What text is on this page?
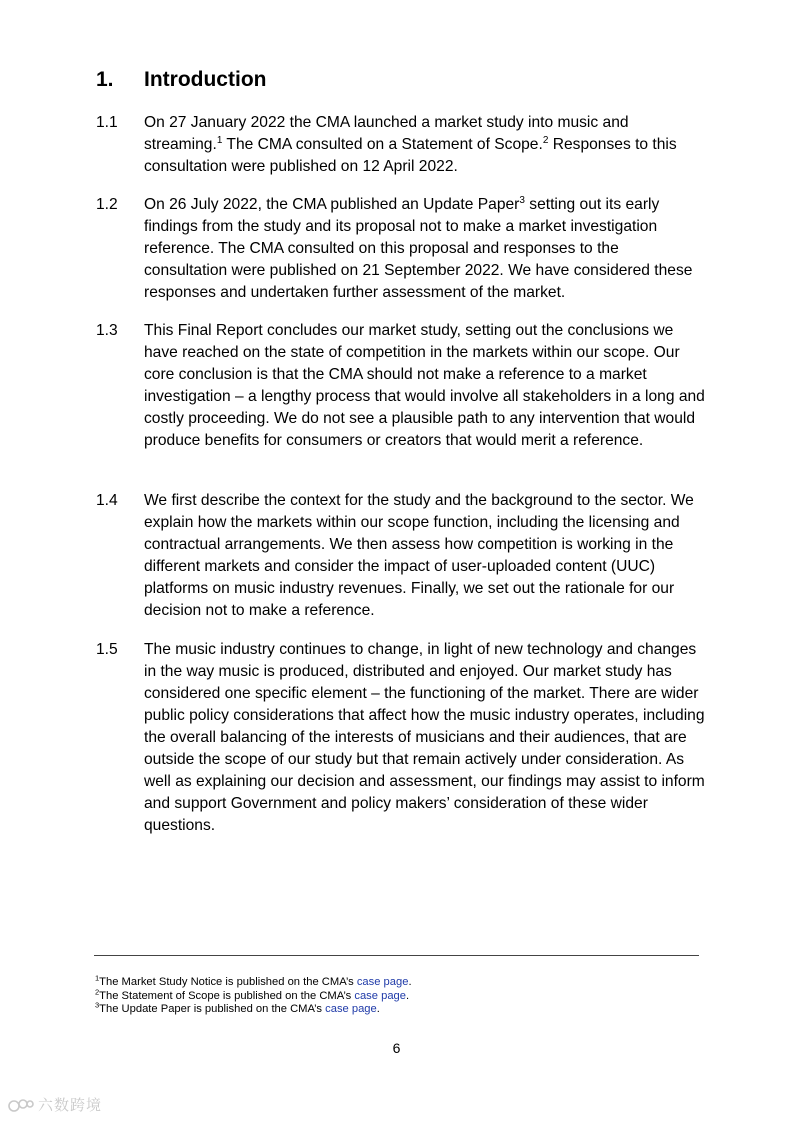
1. Introduction
1.1 On 27 January 2022 the CMA launched a market study into music and streaming.$^1$ The CMA consulted on a Statement of Scope.$^2$ Responses to this consultation were published on 12 April 2022.
1.2 On 26 July 2022, the CMA published an Update Paper$^3$ setting out its early findings from the study and its proposal not to make a market investigation reference. The CMA consulted on this proposal and responses to the consultation were published on 21 September 2022. We have considered these responses and undertaken further assessment of the market.
1.3 This Final Report concludes our market study, setting out the conclusions we have reached on the state of competition in the markets within our scope. Our core conclusion is that the CMA should not make a reference to a market investigation – a lengthy process that would involve all stakeholders in a long and costly proceeding. We do not see a plausible path to any intervention that would produce benefits for consumers or creators that would merit a reference.
1.4 We first describe the context for the study and the background to the sector. We explain how the markets within our scope function, including the licensing and contractual arrangements. We then assess how competition is working in the different markets and consider the impact of user-uploaded content (UUC) platforms on music industry revenues. Finally, we set out the rationale for our decision not to make a reference.
1.5 The music industry continues to change, in light of new technology and changes in the way music is produced, distributed and enjoyed. Our market study has considered one specific element – the functioning of the market. There are wider public policy considerations that affect how the music industry operates, including the overall balancing of the interests of musicians and their audiences, that are outside the scope of our study but that remain actively under consideration. As well as explaining our decision and assessment, our findings may assist to inform and support Government and policy makers’ consideration of these wider questions.
$^1$The Market Study Notice is published on the CMA’s case page.
$^2$The Statement of Scope is published on the CMA’s case page.
$^3$The Update Paper is published on the CMA’s case page.
6
六数跨境
